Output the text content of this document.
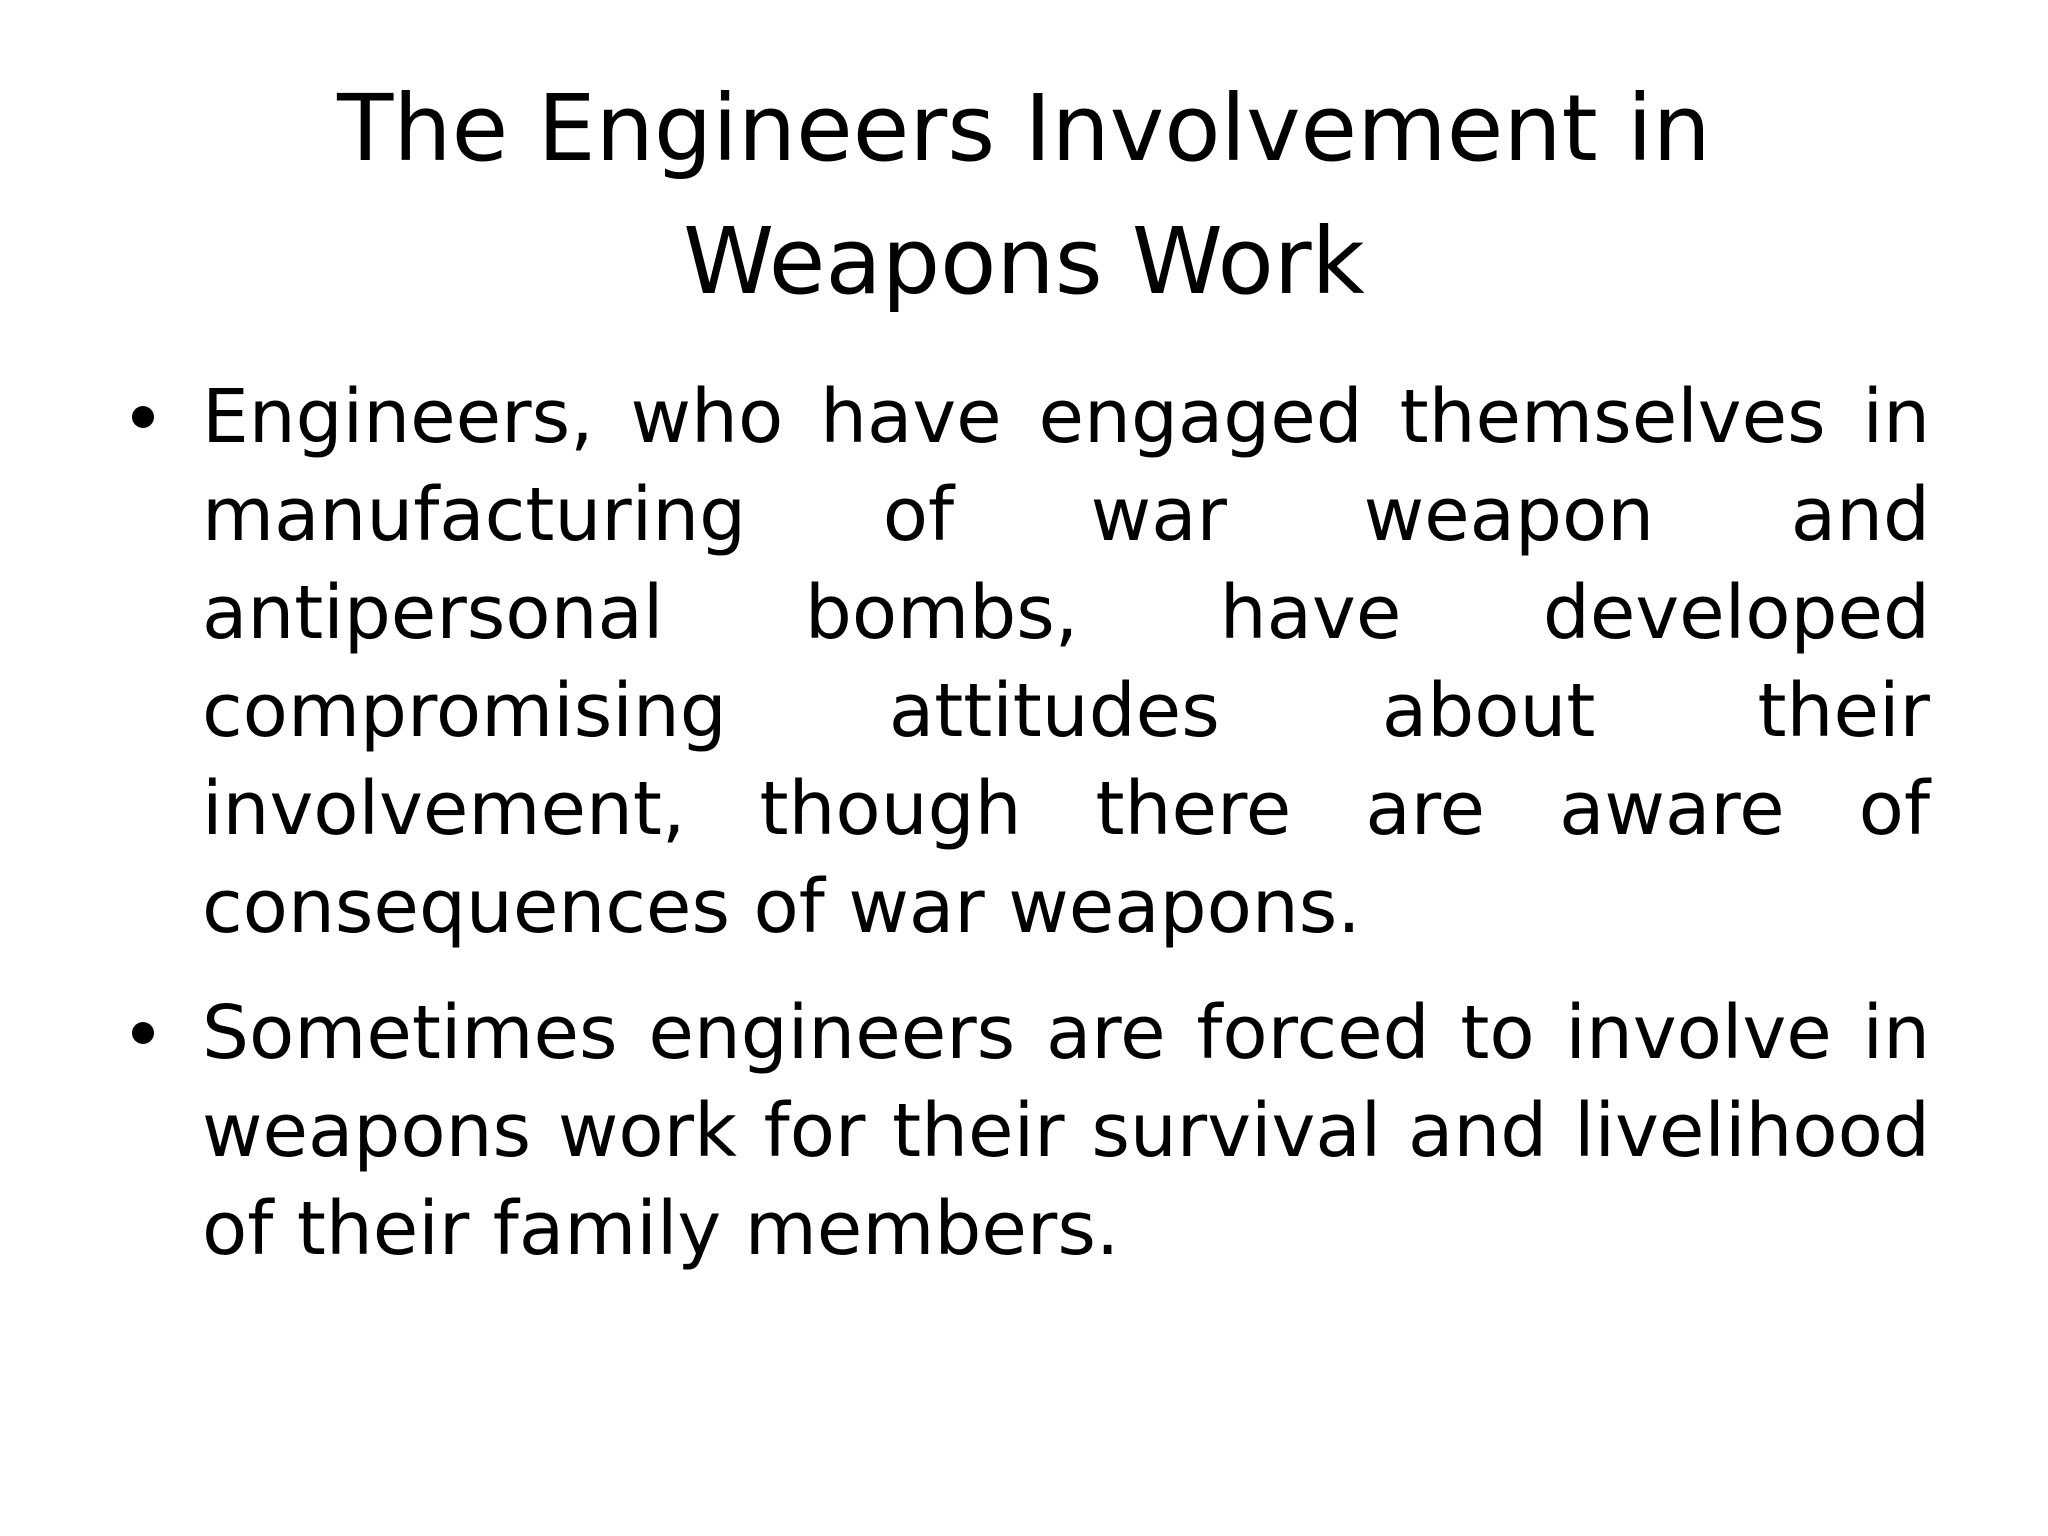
The Engineers Involvement in
Weapons Work
Engineers, who have engaged themselves in
manufacturing of war weapon and
antipersonal bombs, have developed
compromising attitudes about their
involvement, though there are aware of
consequences of war weapons.
Sometimes engineers are forced to involve in
weapons work for their survival and livelihood
of their family members.
